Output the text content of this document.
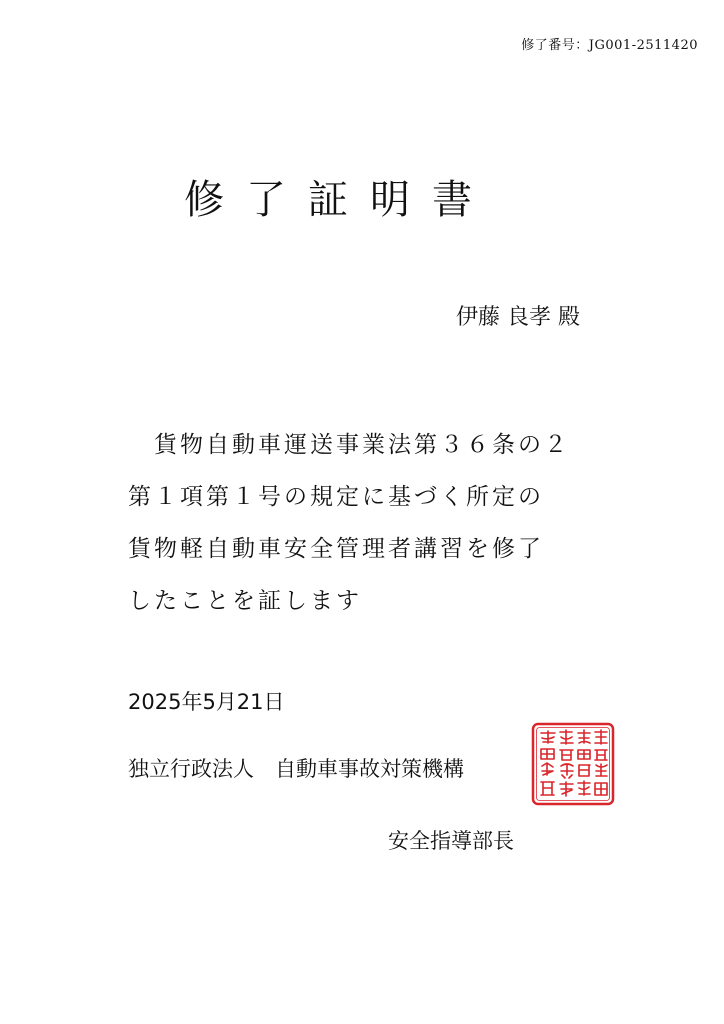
修了番号：JG001-2511420
修了証明書
伊藤 良孝 殿
　貨物自動車運送事業法第３６条の２
第１項第１号の規定に基づく所定の
貨物軽自動車安全管理者講習を修了
したことを証します
2025年5月21日
独立行政法人　自動車事故対策機構
安全指導部長
